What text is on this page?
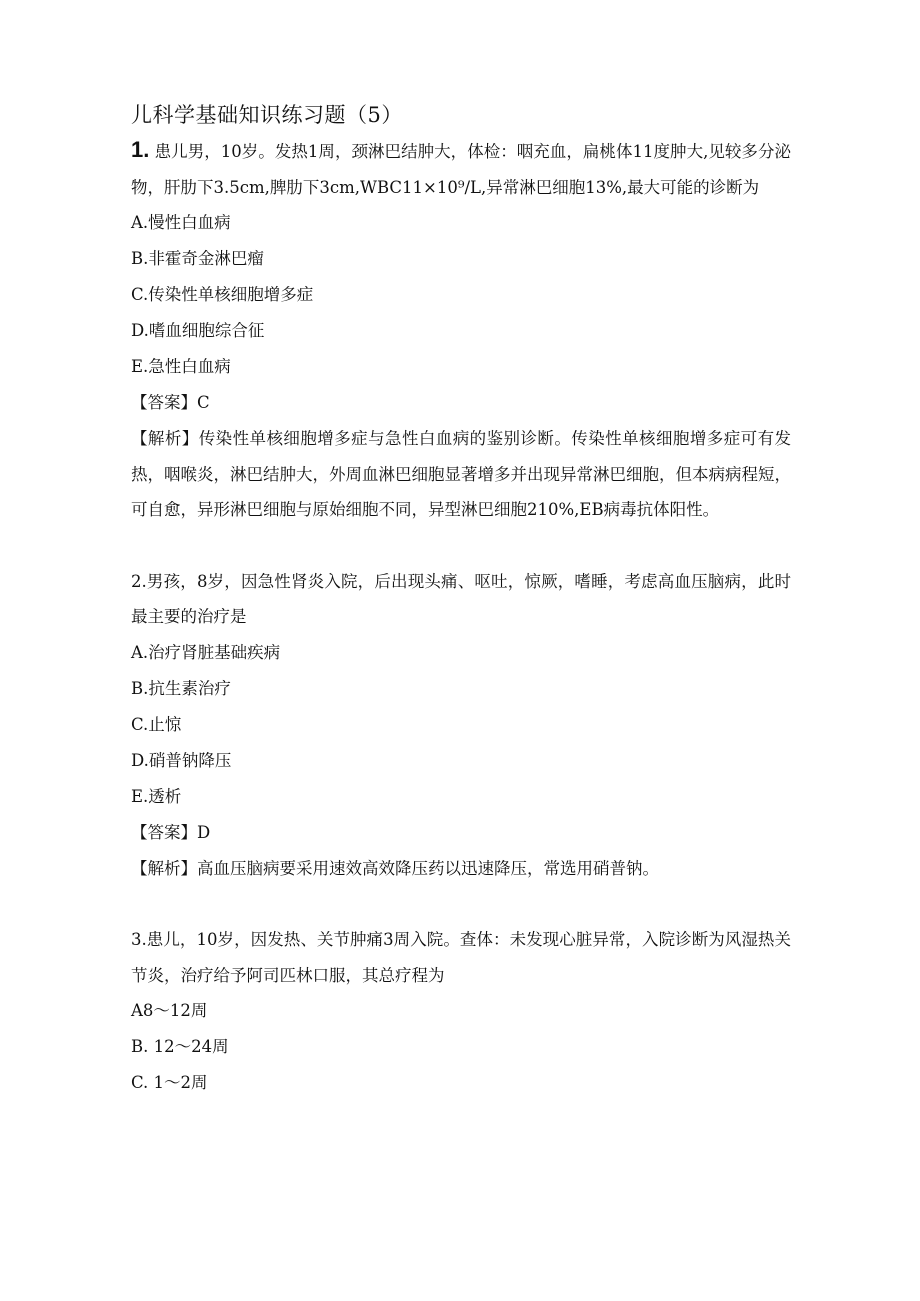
儿科学基础知识练习题（5）

1. 患儿男，10岁。发热1周，颈淋巴结肿大，体检：咽充血，扁桃体11度肿大,见较多分泌物，肝肋下3.5cm,脾肋下3cm,WBC11×10⁹/L,异常淋巴细胞13%,最大可能的诊断为

A.慢性白血病

B.非霍奇金淋巴瘤

C.传染性单核细胞增多症

D.嗜血细胞综合征

E.急性白血病

【答案】C

【解析】传染性单核细胞增多症与急性白血病的鉴别诊断。传染性单核细胞增多症可有发热，咽喉炎，淋巴结肿大，外周血淋巴细胞显著增多并出现异常淋巴细胞，但本病病程短，可自愈，异形淋巴细胞与原始细胞不同，异型淋巴细胞210%,EB病毒抗体阳性。

2.男孩，8岁，因急性肾炎入院，后出现头痛、呕吐，惊厥，嗜睡，考虑高血压脑病，此时最主要的治疗是

A.治疗肾脏基础疾病

B.抗生素治疗

C.止惊

D.硝普钠降压

E.透析

【答案】D

【解析】高血压脑病要采用速效高效降压药以迅速降压，常选用硝普钠。

3.患儿，10岁，因发热、关节肿痛3周入院。查体：未发现心脏异常，入院诊断为风湿热关节炎，治疗给予阿司匹林口服，其总疗程为

A8～12周

B. 12～24周

C. 1～2周
